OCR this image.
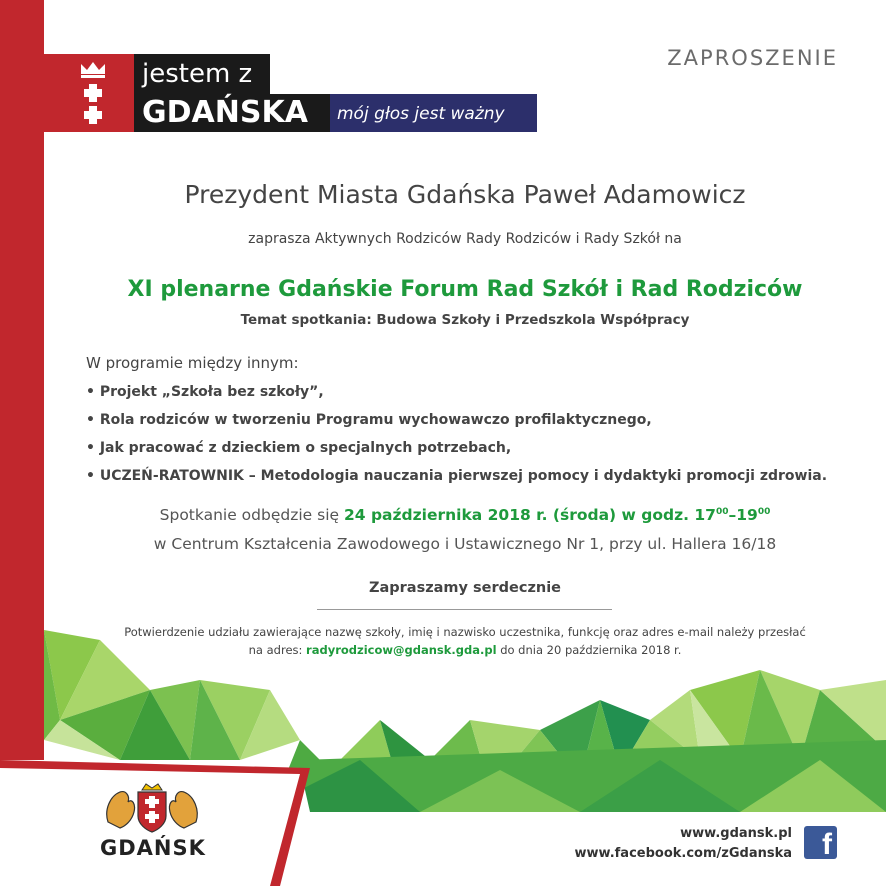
jestem z
GDAŃSKA mój głos jest ważny
ZAPROSZENIE
Prezydent Miasta Gdańska Paweł Adamowicz
zaprasza Aktywnych Rodziców Rady Rodziców i Rady Szkół na
XI plenarne Gdańskie Forum Rad Szkół i Rad Rodziców
Temat spotkania: Budowa Szkoły i Przedszkola Współpracy
W programie między innym:
• Projekt „Szkoła bez szkoły”,
• Rola rodziców w tworzeniu Programu wychowawczo profilaktycznego,
• Jak pracować z dzieckiem o specjalnych potrzebach,
• UCZEŃ-RATOWNIK – Metodologia nauczania pierwszej pomocy i dydaktyki promocji zdrowia.
Spotkanie odbędzie się 24 października 2018 r. (środa) w godz. $17^{00}-19^{00}$
w Centrum Kształcenia Zawodowego i Ustawicznego Nr 1, przy ul. Hallera 16/18
Zapraszamy serdecznie
Potwierdzenie udziału zawierające nazwę szkoły, imię i nazwisko uczestnika, funkcję oraz adres e-mail należy przesłać
na adres: radyrodzicow@gdansk.gda.pl do dnia 20 października 2018 r.
GDAŃSK
www.gdansk.pl
www.facebook.com/zGdanska	f
